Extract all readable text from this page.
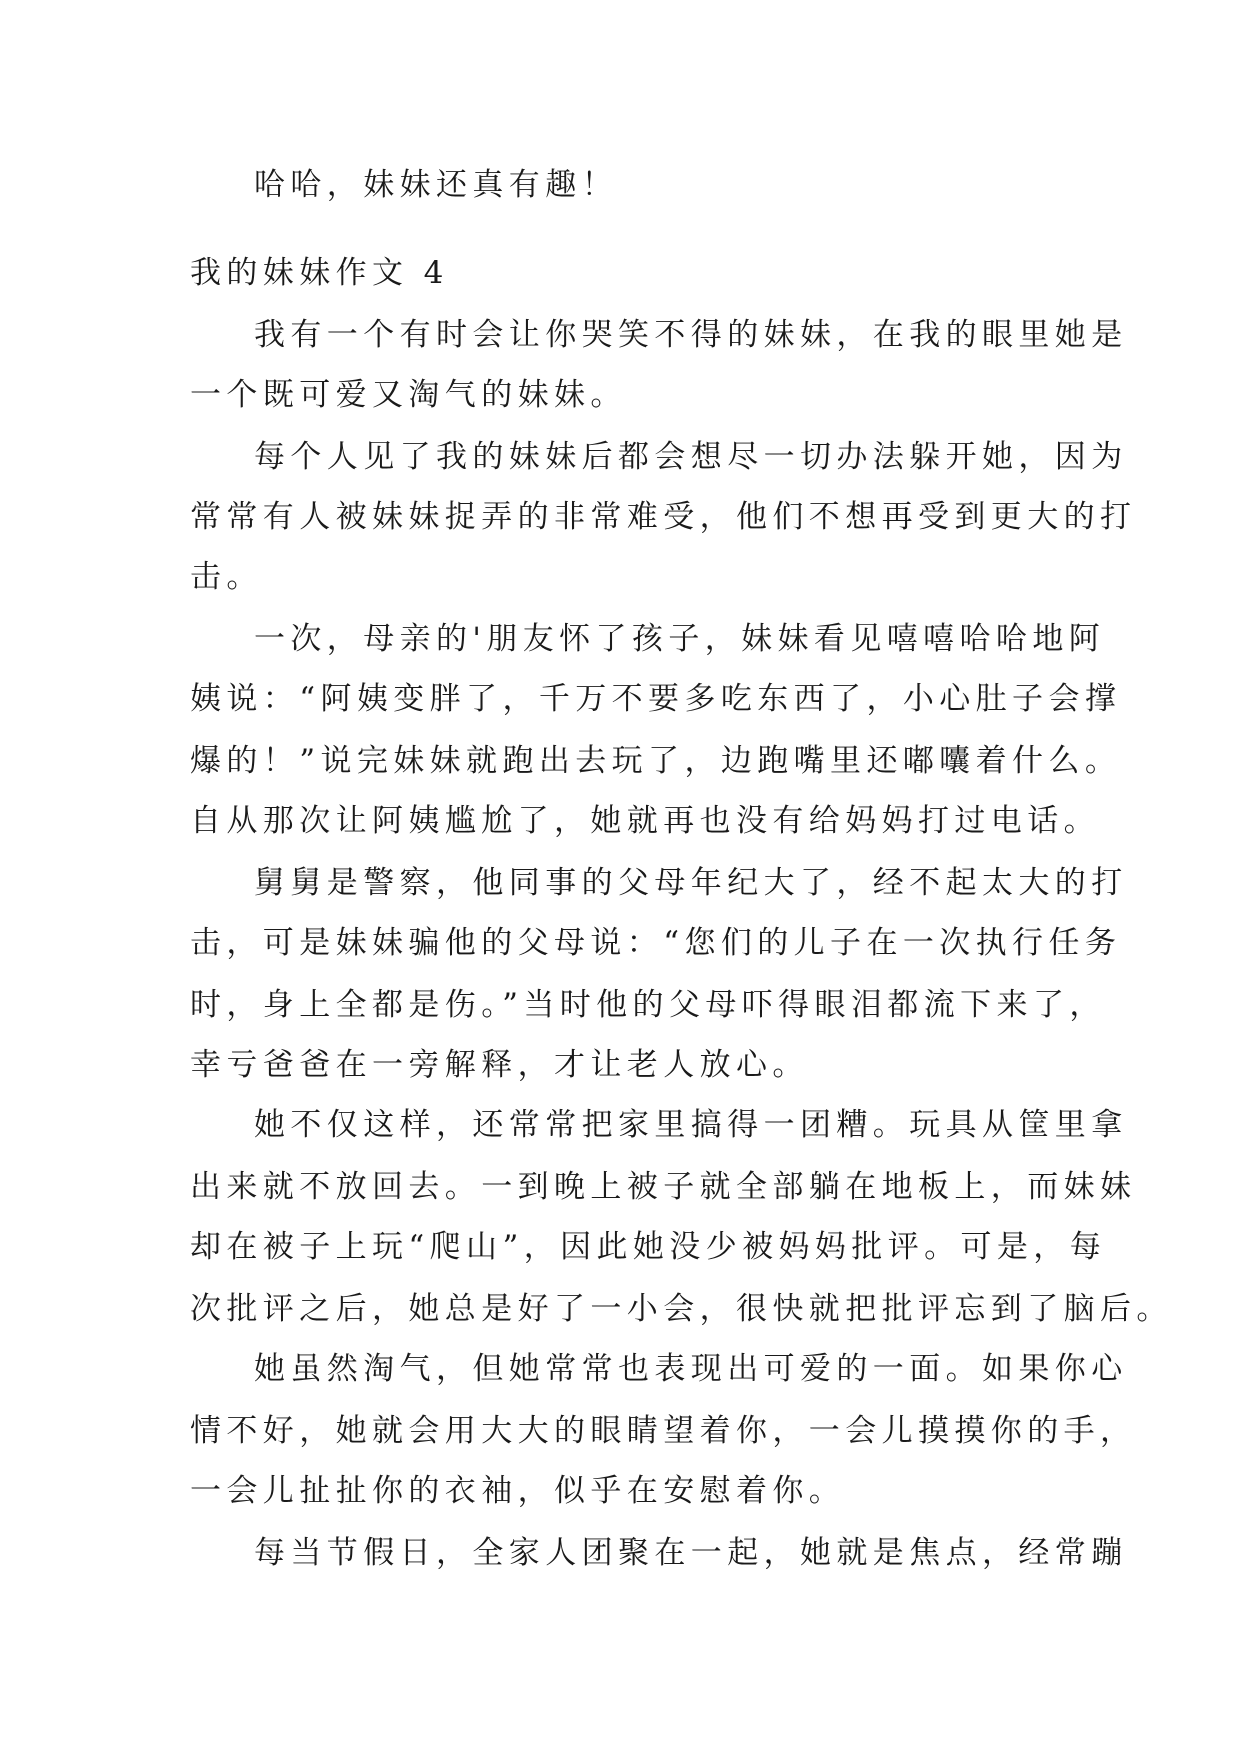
哈哈，妹妹还真有趣！
我的妹妹作文 4
我有一个有时会让你哭笑不得的妹妹，在我的眼里她是
一个既可爱又淘气的妹妹。
每个人见了我的妹妹后都会想尽一切办法躲开她，因为
常常有人被妹妹捉弄的非常难受，他们不想再受到更大的打
击。
一次，母亲的'朋友怀了孩子，妹妹看见嘻嘻哈哈地阿
姨说：“阿姨变胖了，千万不要多吃东西了，小心肚子会撑
爆的！”说完妹妹就跑出去玩了，边跑嘴里还嘟囔着什么。
自从那次让阿姨尴尬了，她就再也没有给妈妈打过电话。
舅舅是警察，他同事的父母年纪大了，经不起太大的打
击，可是妹妹骗他的父母说：“您们的儿子在一次执行任务
时，身上全都是伤。”当时他的父母吓得眼泪都流下来了，
幸亏爸爸在一旁解释，才让老人放心。
她不仅这样，还常常把家里搞得一团糟。玩具从筐里拿
出来就不放回去。一到晚上被子就全部躺在地板上，而妹妹
却在被子上玩“爬山”，因此她没少被妈妈批评。可是，每
次批评之后，她总是好了一小会，很快就把批评忘到了脑后。
她虽然淘气，但她常常也表现出可爱的一面。如果你心
情不好，她就会用大大的眼睛望着你，一会儿摸摸你的手，
一会儿扯扯你的衣袖，似乎在安慰着你。
每当节假日，全家人团聚在一起，她就是焦点，经常蹦
